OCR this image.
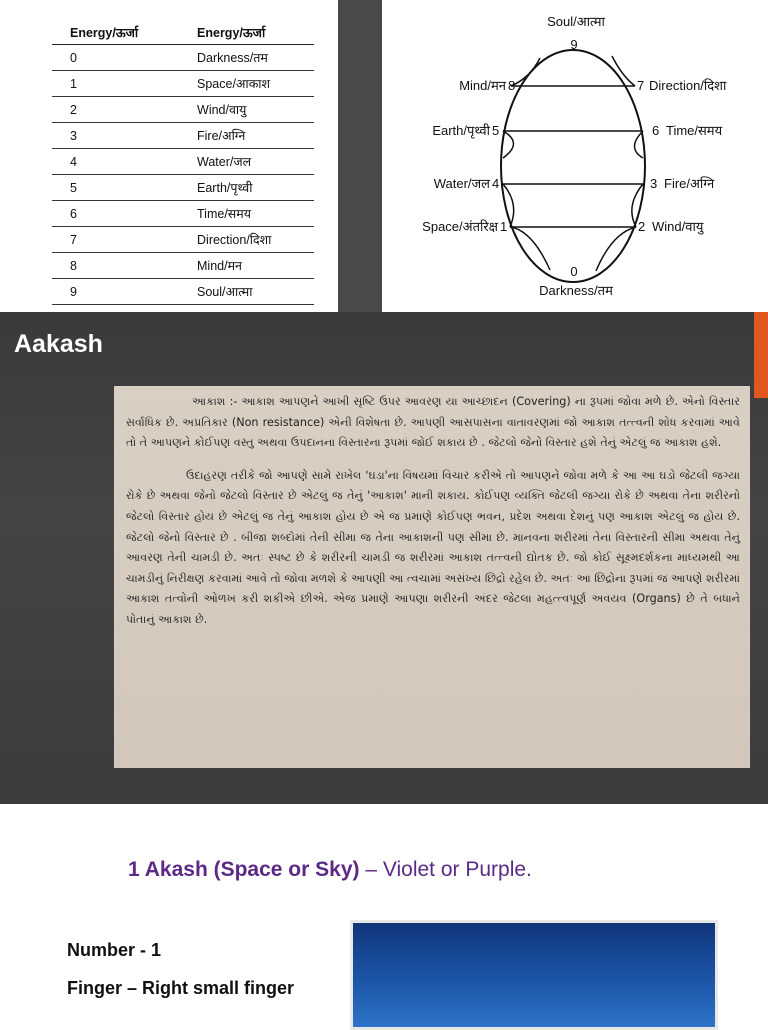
Energy/ऊर्जा	Energy/ऊर्जा
0	Darkness/तम
1	Space/आकाश
2	Wind/वायु
3	Fire/अग्नि
4	Water/जल
5	Earth/पृथ्वी
6	Time/समय
7	Direction/दिशा
8	Mind/मन
9	Soul/आत्मा
Soul/आत्मा
9
0
Darkness/तम
Mind/मन 8
Earth/पृथ्वी 5
Water/जल 4
Space/अंतरिक्ष 1
7 Direction/दिशा
6 Time/समय
3 Fire/अग्नि
2 Wind/वायु
Aakash

આકાશ :- આકાશ આપણને આખી સૃષ્ટિ ઉપર આવરણ યા આચ્છાદન (Covering) ના રૂપમાં જોવા મળે છે. એનો વિસ્તાર સર્વાધિક છે. અપ્રતિકાર (Non resistance) એની વિશેષતા છે. આપણી આસપાસના વાતાવરણમાં જો આકાશ તત્ત્વની શોધ કરવામાં આવે તો તે આપણને કોઈપણ વસ્તુ અથવા ઉપદાનના વિસ્તારના રૂપમાં જોઈ શકાય છે . જેટલો જેનો વિસ્તાર હશે તેનું એટલું જ આકાશ હશે.

ઉદાહરણ તરીકે જો આપણે સામે રાખેલ 'ઘડા'ના વિષયમાં વિચાર કરીએ તો આપણને જોવા મળે કે આ આ ઘડો જેટલી જગ્યા રોકે છે અથવા જેનો જેટલો વિસ્તાર છે એટલું જ તેનું 'આકાશ' માની શકાય. કોઈપણ વ્યક્તિ જેટલી જગ્યા રોકે છે અથવા તેના શરીરનો જેટલો વિસ્તાર હોય છે એટલું જ તેનું આકાશ હોય છે એ જ પ્રમાણે કોઈપણ ભવન, પ્રદેશ અથવા દેશનું પણ આકાશ એટલું જ હોય છે. જેટલો જેનો વિસ્તાર છે . બીજા શબ્દોમાં તેની સીમા જ તેના આકાશની પણ સીમા છે. માનવના શરીરમાં તેના વિસ્તારની સીમા અથવા તેનું આવરણ તેની ચામડી છે. અતઃ સ્પષ્ટ છે કે શરીરની ચામડી જ શરીરમાં આકાશ તત્ત્વની દ્યોતક છે. જો કોઈ સૂક્ષ્મદર્શકના માધ્યમથી આ ચામડીનું નિરીક્ષણ કરવામાં આવે તો જોવા મળશે કે આપણી આ ત્વચામાં અસંખ્ય છિદ્રો રહેલ છે. અતઃ આ છિદ્રોના રૂપમાં જ આપણે શરીરમાં આકાશ તત્વોની ઓળખ કરી શકીએ છીએ. એજ પ્રમાણે આપણા શરીરની અંદર જેટલા મહત્ત્વપૂર્ણ અવયવ (Organs) છે તે બધાને પોતાનું આકાશ છે.

1 Akash (Space or Sky) – Violet or Purple.

Number - 1

Finger – Right small finger
